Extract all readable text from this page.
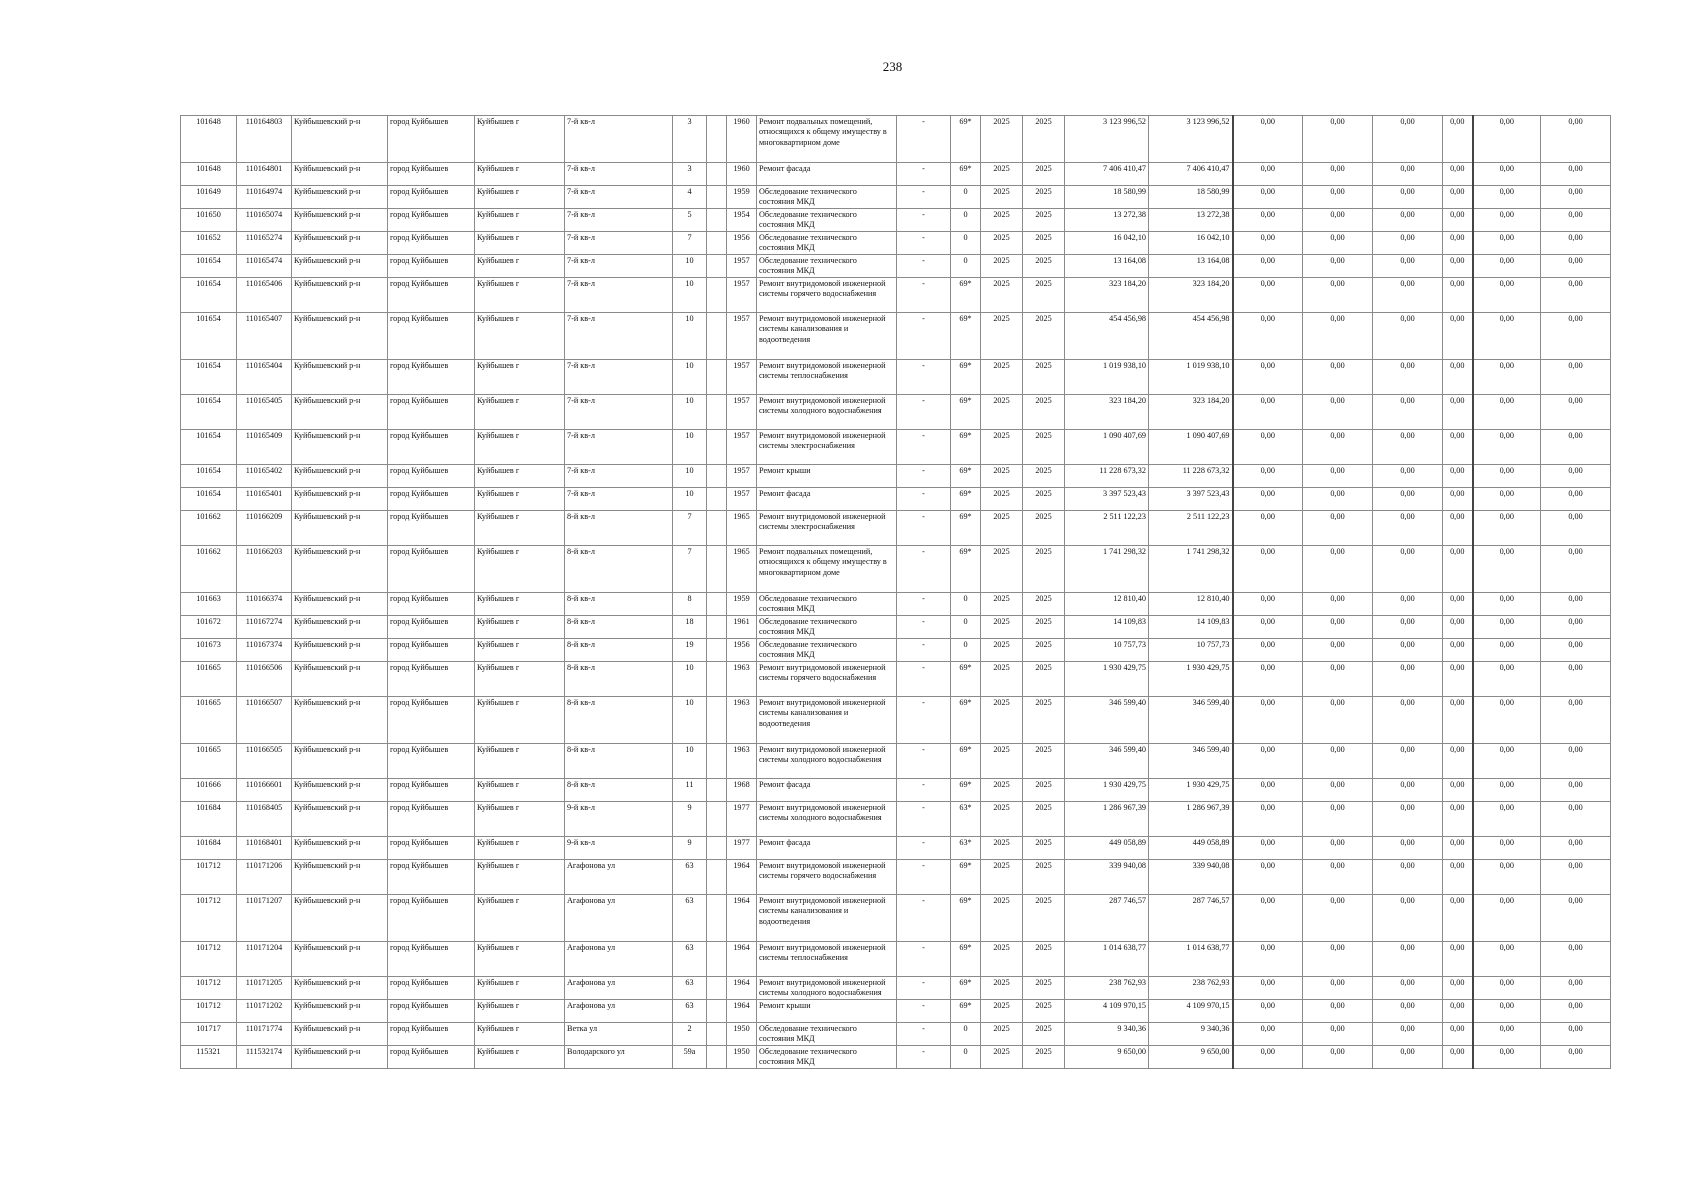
238
101648	110164803	Куйбышевский р-н	город Куйбышев	Куйбышев г	7-й кв-л	3		1960	Ремонт подвальных помещений, относящихся к общему имуществу в многоквартирном доме	-	69*	2025	2025	3 123 996,52	3 123 996,52	0,00	0,00	0,00	0,00	0,00	0,00
101648	110164801	Куйбышевский р-н	город Куйбышев	Куйбышев г	7-й кв-л	3		1960	Ремонт фасада	-	69*	2025	2025	7 406 410,47	7 406 410,47	0,00	0,00	0,00	0,00	0,00	0,00
101649	110164974	Куйбышевский р-н	город Куйбышев	Куйбышев г	7-й кв-л	4		1959	Обследование технического состояния МКД	-	0	2025	2025	18 580,99	18 580,99	0,00	0,00	0,00	0,00	0,00	0,00
101650	110165074	Куйбышевский р-н	город Куйбышев	Куйбышев г	7-й кв-л	5		1954	Обследование технического состояния МКД	-	0	2025	2025	13 272,38	13 272,38	0,00	0,00	0,00	0,00	0,00	0,00
101652	110165274	Куйбышевский р-н	город Куйбышев	Куйбышев г	7-й кв-л	7		1956	Обследование технического состояния МКД	-	0	2025	2025	16 042,10	16 042,10	0,00	0,00	0,00	0,00	0,00	0,00
101654	110165474	Куйбышевский р-н	город Куйбышев	Куйбышев г	7-й кв-л	10		1957	Обследование технического состояния МКД	-	0	2025	2025	13 164,08	13 164,08	0,00	0,00	0,00	0,00	0,00	0,00
101654	110165406	Куйбышевский р-н	город Куйбышев	Куйбышев г	7-й кв-л	10		1957	Ремонт внутридомовой инженерной системы горячего водоснабжения	-	69*	2025	2025	323 184,20	323 184,20	0,00	0,00	0,00	0,00	0,00	0,00
101654	110165407	Куйбышевский р-н	город Куйбышев	Куйбышев г	7-й кв-л	10		1957	Ремонт внутридомовой инженерной системы канализования и водоотведения	-	69*	2025	2025	454 456,98	454 456,98	0,00	0,00	0,00	0,00	0,00	0,00
101654	110165404	Куйбышевский р-н	город Куйбышев	Куйбышев г	7-й кв-л	10		1957	Ремонт внутридомовой инженерной системы теплоснабжения	-	69*	2025	2025	1 019 938,10	1 019 938,10	0,00	0,00	0,00	0,00	0,00	0,00
101654	110165405	Куйбышевский р-н	город Куйбышев	Куйбышев г	7-й кв-л	10		1957	Ремонт внутридомовой инженерной системы холодного водоснабжения	-	69*	2025	2025	323 184,20	323 184,20	0,00	0,00	0,00	0,00	0,00	0,00
101654	110165409	Куйбышевский р-н	город Куйбышев	Куйбышев г	7-й кв-л	10		1957	Ремонт внутридомовой инженерной системы электроснабжения	-	69*	2025	2025	1 090 407,69	1 090 407,69	0,00	0,00	0,00	0,00	0,00	0,00
101654	110165402	Куйбышевский р-н	город Куйбышев	Куйбышев г	7-й кв-л	10		1957	Ремонт крыши	-	69*	2025	2025	11 228 673,32	11 228 673,32	0,00	0,00	0,00	0,00	0,00	0,00
101654	110165401	Куйбышевский р-н	город Куйбышев	Куйбышев г	7-й кв-л	10		1957	Ремонт фасада	-	69*	2025	2025	3 397 523,43	3 397 523,43	0,00	0,00	0,00	0,00	0,00	0,00
101662	110166209	Куйбышевский р-н	город Куйбышев	Куйбышев г	8-й кв-л	7		1965	Ремонт внутридомовой инженерной системы электроснабжения	-	69*	2025	2025	2 511 122,23	2 511 122,23	0,00	0,00	0,00	0,00	0,00	0,00
101662	110166203	Куйбышевский р-н	город Куйбышев	Куйбышев г	8-й кв-л	7		1965	Ремонт подвальных помещений, относящихся к общему имуществу в многоквартирном доме	-	69*	2025	2025	1 741 298,32	1 741 298,32	0,00	0,00	0,00	0,00	0,00	0,00
101663	110166374	Куйбышевский р-н	город Куйбышев	Куйбышев г	8-й кв-л	8		1959	Обследование технического состояния МКД	-	0	2025	2025	12 810,40	12 810,40	0,00	0,00	0,00	0,00	0,00	0,00
101672	110167274	Куйбышевский р-н	город Куйбышев	Куйбышев г	8-й кв-л	18		1961	Обследование технического состояния МКД	-	0	2025	2025	14 109,83	14 109,83	0,00	0,00	0,00	0,00	0,00	0,00
101673	110167374	Куйбышевский р-н	город Куйбышев	Куйбышев г	8-й кв-л	19		1956	Обследование технического состояния МКД	-	0	2025	2025	10 757,73	10 757,73	0,00	0,00	0,00	0,00	0,00	0,00
101665	110166506	Куйбышевский р-н	город Куйбышев	Куйбышев г	8-й кв-л	10		1963	Ремонт внутридомовой инженерной системы горячего водоснабжения	-	69*	2025	2025	1 930 429,75	1 930 429,75	0,00	0,00	0,00	0,00	0,00	0,00
101665	110166507	Куйбышевский р-н	город Куйбышев	Куйбышев г	8-й кв-л	10		1963	Ремонт внутридомовой инженерной системы канализования и водоотведения	-	69*	2025	2025	346 599,40	346 599,40	0,00	0,00	0,00	0,00	0,00	0,00
101665	110166505	Куйбышевский р-н	город Куйбышев	Куйбышев г	8-й кв-л	10		1963	Ремонт внутридомовой инженерной системы холодного водоснабжения	-	69*	2025	2025	346 599,40	346 599,40	0,00	0,00	0,00	0,00	0,00	0,00
101666	110166601	Куйбышевский р-н	город Куйбышев	Куйбышев г	8-й кв-л	11		1968	Ремонт фасада	-	69*	2025	2025	1 930 429,75	1 930 429,75	0,00	0,00	0,00	0,00	0,00	0,00
101684	110168405	Куйбышевский р-н	город Куйбышев	Куйбышев г	9-й кв-л	9		1977	Ремонт внутридомовой инженерной системы холодного водоснабжения	-	63*	2025	2025	1 286 967,39	1 286 967,39	0,00	0,00	0,00	0,00	0,00	0,00
101684	110168401	Куйбышевский р-н	город Куйбышев	Куйбышев г	9-й кв-л	9		1977	Ремонт фасада	-	63*	2025	2025	449 058,89	449 058,89	0,00	0,00	0,00	0,00	0,00	0,00
101712	110171206	Куйбышевский р-н	город Куйбышев	Куйбышев г	Агафонова ул	63		1964	Ремонт внутридомовой инженерной системы горячего водоснабжения	-	69*	2025	2025	339 940,08	339 940,08	0,00	0,00	0,00	0,00	0,00	0,00
101712	110171207	Куйбышевский р-н	город Куйбышев	Куйбышев г	Агафонова ул	63		1964	Ремонт внутридомовой инженерной системы канализования и водоотведения	-	69*	2025	2025	287 746,57	287 746,57	0,00	0,00	0,00	0,00	0,00	0,00
101712	110171204	Куйбышевский р-н	город Куйбышев	Куйбышев г	Агафонова ул	63		1964	Ремонт внутридомовой инженерной системы теплоснабжения	-	69*	2025	2025	1 014 638,77	1 014 638,77	0,00	0,00	0,00	0,00	0,00	0,00
101712	110171205	Куйбышевский р-н	город Куйбышев	Куйбышев г	Агафонова ул	63		1964	Ремонт внутридомовой инженерной системы холодного водоснабжения	-	69*	2025	2025	238 762,93	238 762,93	0,00	0,00	0,00	0,00	0,00	0,00
101712	110171202	Куйбышевский р-н	город Куйбышев	Куйбышев г	Агафонова ул	63		1964	Ремонт крыши	-	69*	2025	2025	4 109 970,15	4 109 970,15	0,00	0,00	0,00	0,00	0,00	0,00
101717	110171774	Куйбышевский р-н	город Куйбышев	Куйбышев г	Ветка ул	2		1950	Обследование технического состояния МКД	-	0	2025	2025	9 340,36	9 340,36	0,00	0,00	0,00	0,00	0,00	0,00
115321	111532174	Куйбышевский р-н	город Куйбышев	Куйбышев г	Володарского ул	59а		1950	Обследование технического состояния МКД	-	0	2025	2025	9 650,00	9 650,00	0,00	0,00	0,00	0,00	0,00	0,00
